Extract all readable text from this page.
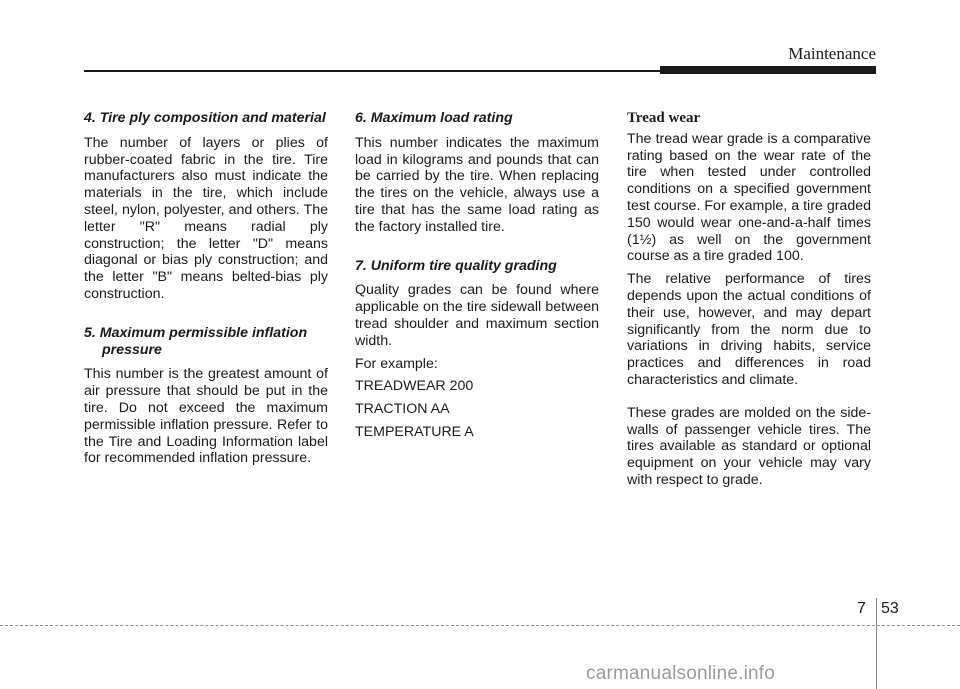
Maintenance

4. Tire ply composition and material

The number of layers or plies of rubber-coated fabric in the tire. Tire manufacturers also must indicate the materials in the tire, which include steel, nylon, polyester, and others. The letter "R" means radial ply construction; the letter "D" means diagonal or bias ply construction; and the letter "B" means belted-bias ply construction.

5. Maximum permissible inflation pressure

This number is the greatest amount of air pressure that should be put in the tire. Do not exceed the maximum permissible inflation pressure. Refer to the Tire and Loading Information label for recommended inflation pressure.

6. Maximum load rating

This number indicates the maximum load in kilograms and pounds that can be carried by the tire. When replacing the tires on the vehicle, always use a tire that has the same load rating as the factory installed tire.

7. Uniform tire quality grading

Quality grades can be found where applicable on the tire sidewall between tread shoulder and maximum section width.

For example:

TREADWEAR 200

TRACTION AA

TEMPERATURE A

Tread wear

The tread wear grade is a comparative rating based on the wear rate of the tire when tested under controlled conditions on a specified government test course. For example, a tire graded 150 would wear one-and-a-half times (1½) as well on the government course as a tire graded 100.

The relative performance of tires depends upon the actual conditions of their use, however, and may depart significantly from the norm due to variations in driving habits, service practices and differences in road characteristics and climate.

These grades are molded on the side-walls of passenger vehicle tires. The tires available as standard or optional equipment on your vehicle may vary with respect to grade.

7 53
carmanualsonline.info
